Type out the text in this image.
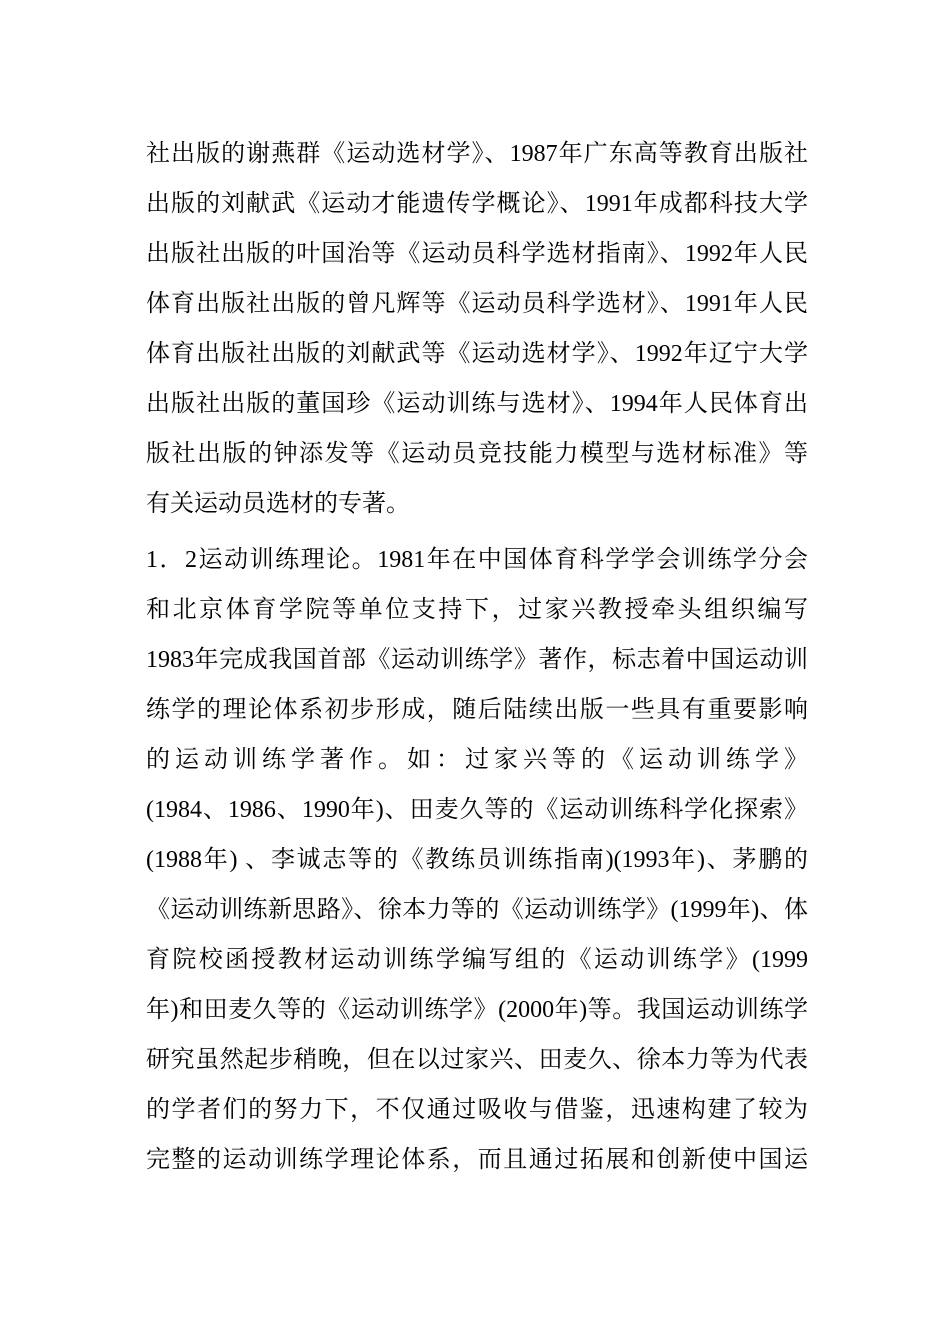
社出版的谢燕群《运动选材学》、1987年广东高等教育出版社
出版的刘献武《运动才能遗传学概论》、1991年成都科技大学
出版社出版的叶国治等《运动员科学选材指南》、1992年人民
体育出版社出版的曾凡辉等《运动员科学选材》、1991年人民
体育出版社出版的刘献武等《运动选材学》、1992年辽宁大学
出版社出版的董国珍《运动训练与选材》、1994年人民体育出
版社出版的钟添发等《运动员竞技能力模型与选材标准》等
有关运动员选材的专著。
1．2运动训练理论。1981年在中国体育科学学会训练学分会
和北京体育学院等单位支持下，过家兴教授牵头组织编写
1983年完成我国首部《运动训练学》著作，标志着中国运动训
练学的理论体系初步形成，随后陆续出版一些具有重要影响
的运动训练学著作。如：过家兴等的《运动训练学》
(1984、1986、1990年)、田麦久等的《运动训练科学化探索》
(1988年) 、李诚志等的《教练员训练指南)(1993年)、茅鹏的
《运动训练新思路》、徐本力等的《运动训练学》(1999年)、体
育院校函授教材运动训练学编写组的《运动训练学》(1999
年)和田麦久等的《运动训练学》(2000年)等。我国运动训练学
研究虽然起步稍晚，但在以过家兴、田麦久、徐本力等为代表
的学者们的努力下，不仅通过吸收与借鉴，迅速构建了较为
完整的运动训练学理论体系，而且通过拓展和创新使中国运
